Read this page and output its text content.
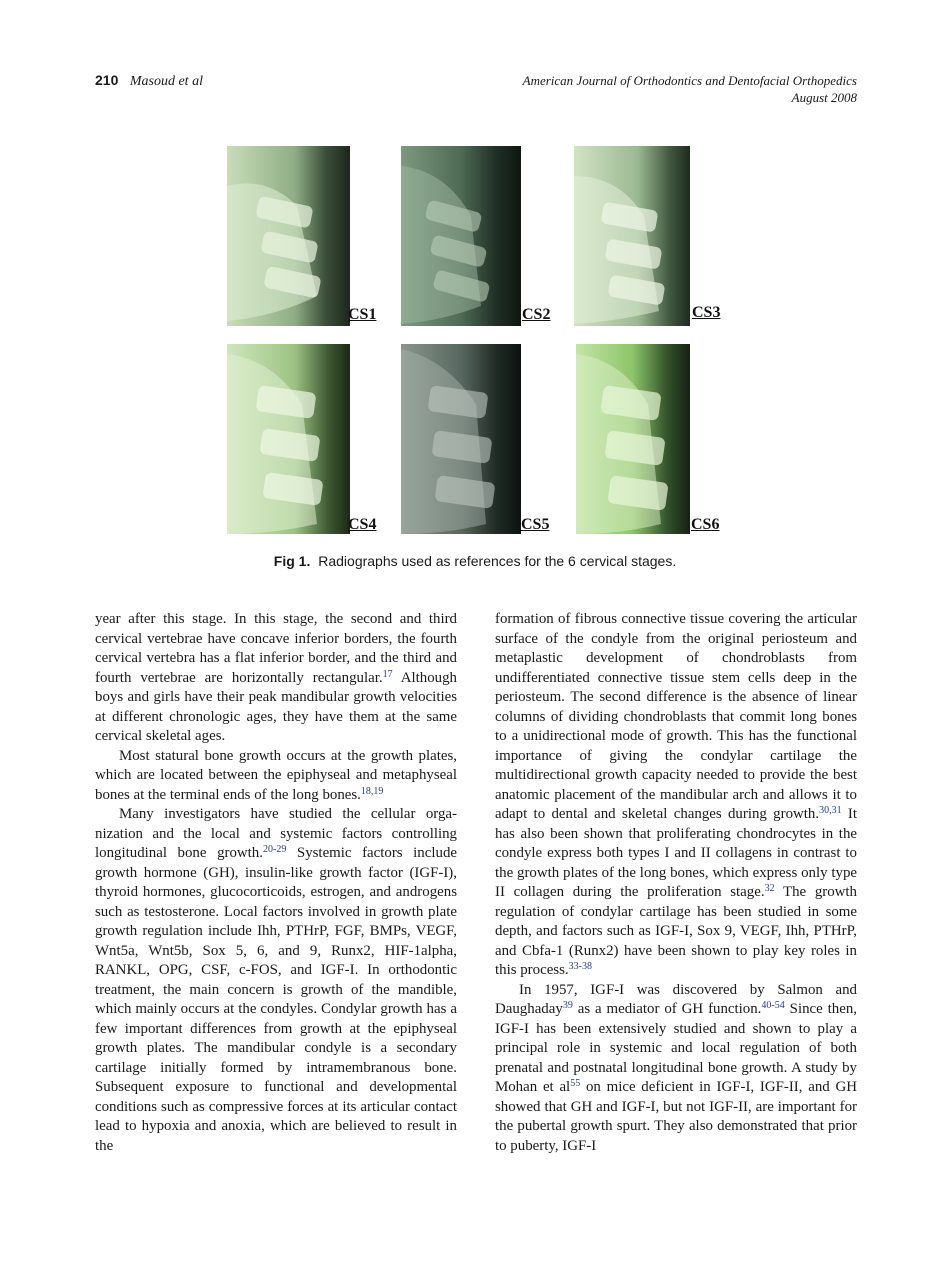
210 Masoud et al	American Journal of Orthodontics and Dentofacial Orthopedics
August 2008
CS1	CS2	CS3
CS4	CS5	CS6
Fig 1. Radiographs used as references for the 6 cervical stages.

year after this stage. In this stage, the second and third cervical vertebrae have concave inferior borders, the fourth cervical vertebra has a flat inferior border, and the third and fourth vertebrae are horizontally rectangular.$^{17}$ Although boys and girls have their peak mandibular growth velocities at different chronologic ages, they have them at the same cervical skeletal ages.

Most statural bone growth occurs at the growth plates, which are located between the epiphyseal and metaphyseal bones at the terminal ends of the long bones.$^{18,19}$

Many investigators have studied the cellular organization and the local and systemic factors controlling longitudinal bone growth.$^{20-29}$ Systemic factors include growth hormone (GH), insulin-like growth factor (IGF-I), thyroid hormones, glucocorticoids, estrogen, and androgens such as testosterone. Local factors involved in growth plate growth regulation include Ihh, PTHrP, FGF, BMPs, VEGF, Wnt5a, Wnt5b, Sox 5, 6, and 9, Runx2, HIF-1alpha, RANKL, OPG, CSF, c-FOS, and IGF-I. In orthodontic treatment, the main concern is growth of the mandible, which mainly occurs at the condyles. Condylar growth has a few important differences from growth at the epiphyseal growth plates. The mandibular condyle is a secondary cartilage initially formed by intramembranous bone. Subsequent exposure to functional and developmental conditions such as compressive forces at its articular contact lead to hypoxia and anoxia, which are believed to result in the

formation of fibrous connective tissue covering the articular surface of the condyle from the original periosteum and metaplastic development of chondroblasts from undifferentiated connective tissue stem cells deep in the periosteum. The second difference is the absence of linear columns of dividing chondroblasts that commit long bones to a unidirectional mode of growth. This has the functional importance of giving the condylar cartilage the multidirectional growth capacity needed to provide the best anatomic placement of the mandibular arch and allows it to adapt to dental and skeletal changes during growth.$^{30,31}$ It has also been shown that proliferating chondrocytes in the condyle express both types I and II collagens in contrast to the growth plates of the long bones, which express only type II collagen during the proliferation stage.$^{32}$ The growth regulation of condylar cartilage has been studied in some depth, and factors such as IGF-I, Sox 9, VEGF, Ihh, PTHrP, and Cbfa-1 (Runx2) have been shown to play key roles in this process.$^{33-38}$

In 1957, IGF-I was discovered by Salmon and Daughaday$^{39}$ as a mediator of GH function.$^{40-54}$ Since then, IGF-I has been extensively studied and shown to play a principal role in systemic and local regulation of both prenatal and postnatal longitudinal bone growth. A study by Mohan et $al^{55}$ on mice deficient in IGF-I, IGF-II, and GH showed that GH and IGF-I, but not IGF-II, are important for the pubertal growth spurt. They also demonstrated that prior to puberty, IGF-I
